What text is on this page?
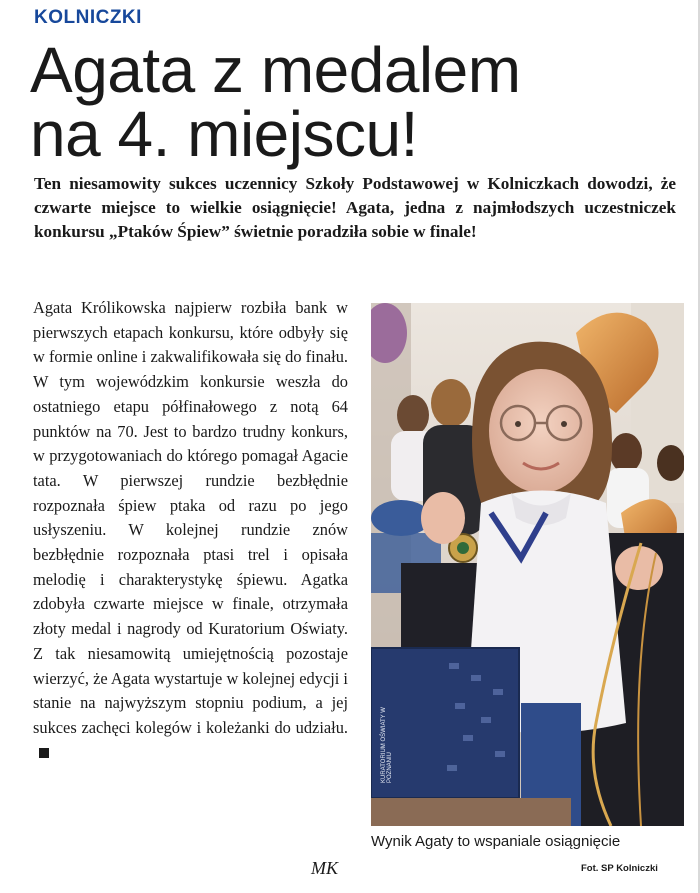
KOLNICZKI
Agata z medalem
na 4. miejscu!

Ten niesamowity sukces uczennicy Szkoły Podstawowej w Kolniczkach dowodzi, że czwarte miejsce to wielkie osiągnięcie! Agata, jedna z najmłodszych uczestniczek konkursu „Ptaków Śpiew” świetnie poradziła sobie w finale!

Agata Królikowska najpierw rozbiła bank w pierwszych etapach konkursu, które odbyły się w formie online i zakwalifikowała się do finału. W tym wojewódzkim konkursie weszła do ostatniego etapu półfinałowego z notą 64 punktów na 70. Jest to bardzo trudny konkurs, w przygotowaniach do którego pomagał Agacie tata. W pierwszej rundzie bezbłędnie rozpoznała śpiew ptaka od razu po jego usłyszeniu. W kolejnej rundzie znów bezbłędnie rozpoznała ptasi trel i opisała melodię i charakterystykę śpiewu. Agatka zdobyła czwarte miejsce w finale, otrzymała złoty medal i nagrody od Kuratorium Oświaty. Z tak niesamowitą umiejętnością pozostaje wierzyć, że Agata wystartuje w kolejnej edycji i stanie na najwyższym stopniu podium, a jej sukces zachęci kolegów i koleżanki do udziału.

MK
KURATORIUM OŚWIATY W POZNANIU

Wynik Agaty to wspaniale osiągnięcie

Fot. SP Kolniczki
